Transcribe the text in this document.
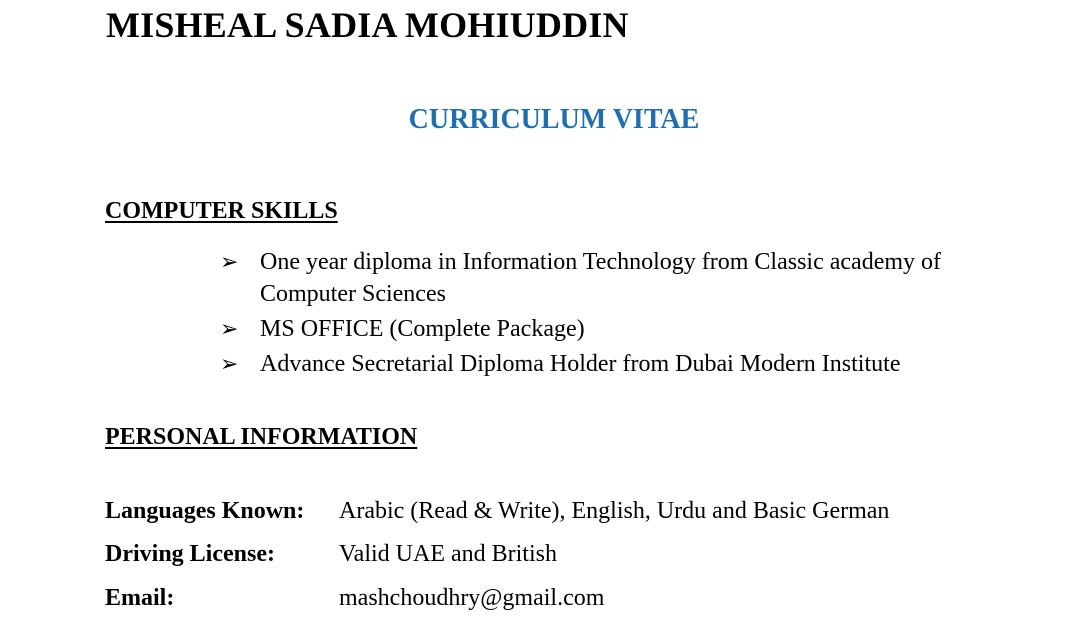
MISHEAL SADIA MOHIUDDIN
CURRICULUM VITAE
COMPUTER SKILLS
➢ One year diploma in Information Technology from Classic academy of Computer Sciences
➢ MS OFFICE (Complete Package)
➢ Advance Secretarial Diploma Holder from Dubai Modern Institute
PERSONAL INFORMATION
Languages Known:	Arabic (Read & Write), English, Urdu and Basic German
Driving License:	Valid UAE and British
Email:	mashchoudhry@gmail.com
